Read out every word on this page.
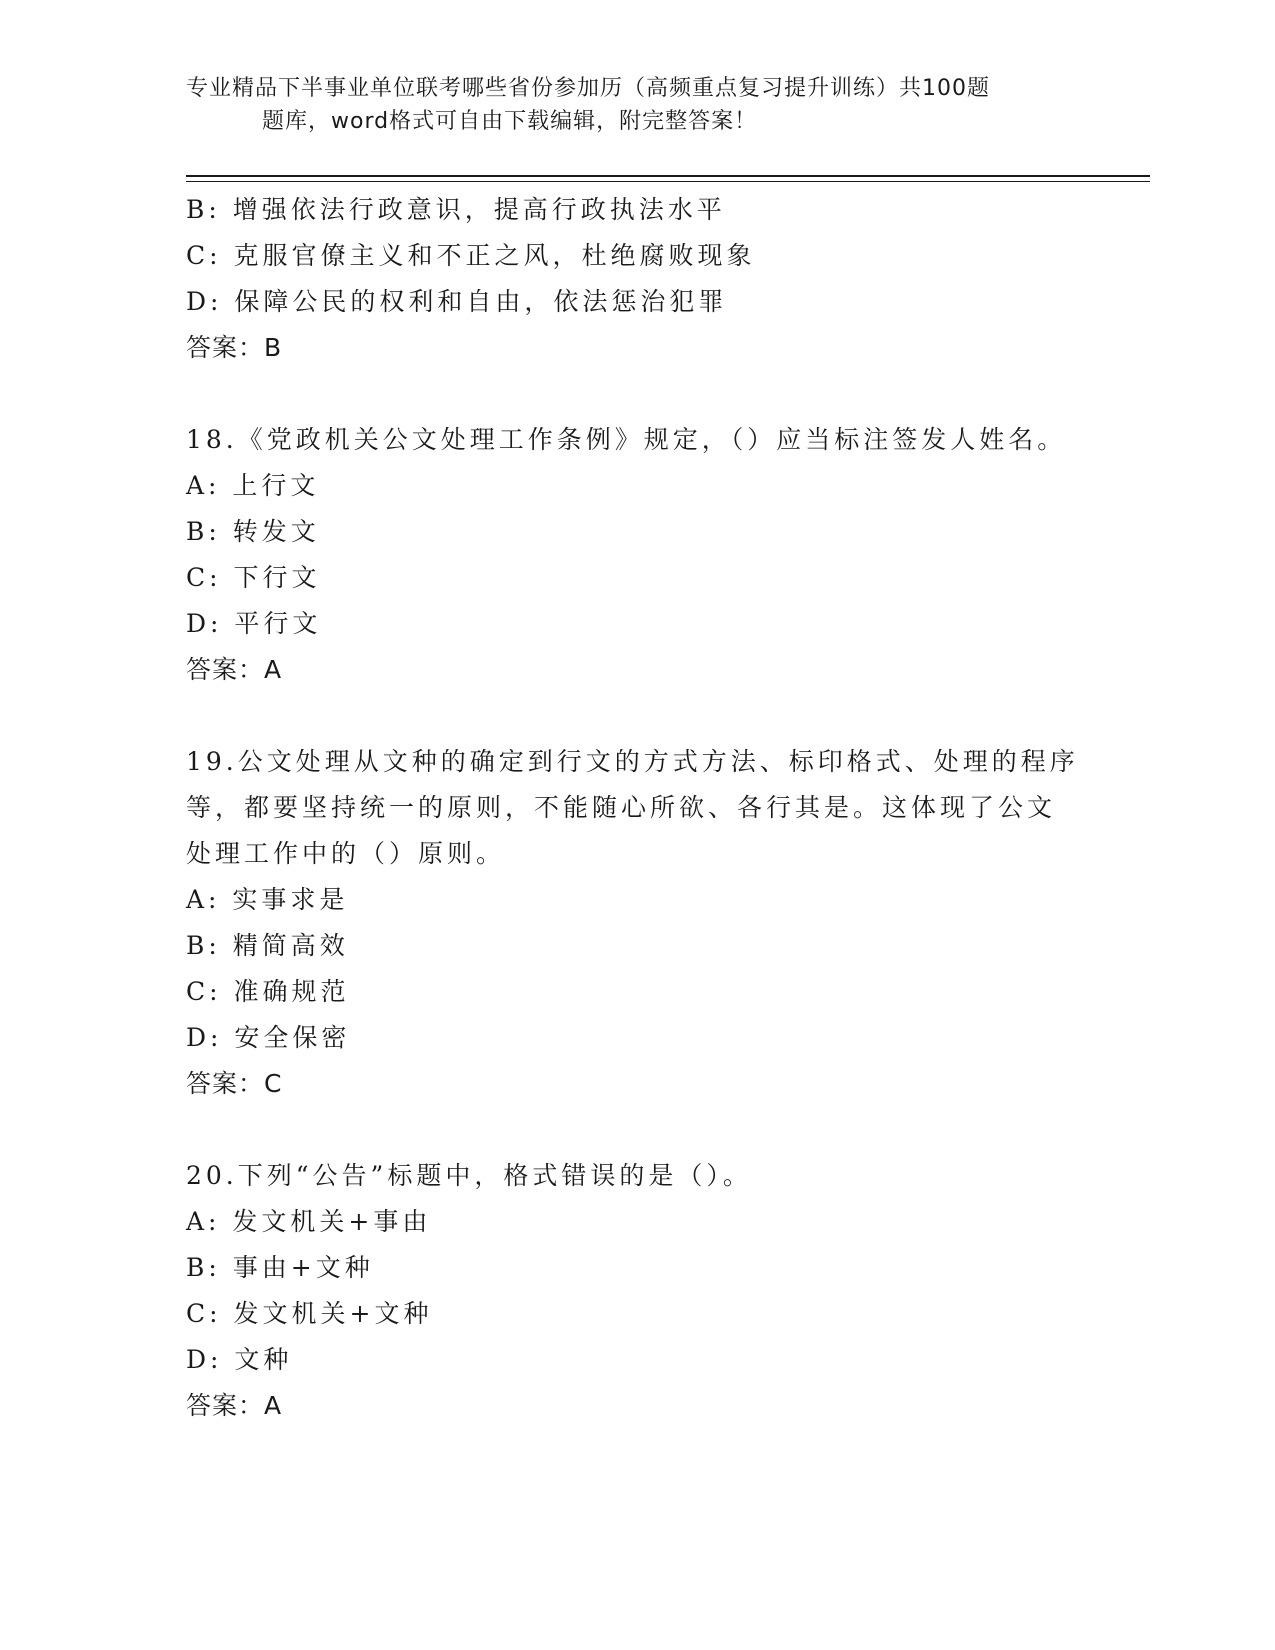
专业精品下半事业单位联考哪些省份参加历（高频重点复习提升训练）共100题
题库，word格式可自由下载编辑，附完整答案！
B: 增强依法行政意识，提高行政执法水平
C: 克服官僚主义和不正之风，杜绝腐败现象
D: 保障公民的权利和自由，依法惩治犯罪
答案：B
18.《党政机关公文处理工作条例》规定，（）应当标注签发人姓名。
A: 上行文
B: 转发文
C: 下行文
D: 平行文
答案：A
19.公文处理从文种的确定到行文的方式方法、标印格式、处理的程序
等，都要坚持统一的原则，不能随心所欲、各行其是。这体现了公文
处理工作中的（）原则。
A: 实事求是
B: 精简高效
C: 准确规范
D: 安全保密
答案：C
20.下列“公告”标题中，格式错误的是（）。
A: 发文机关+事由
B: 事由+文种
C: 发文机关+文种
D: 文种
答案：A
